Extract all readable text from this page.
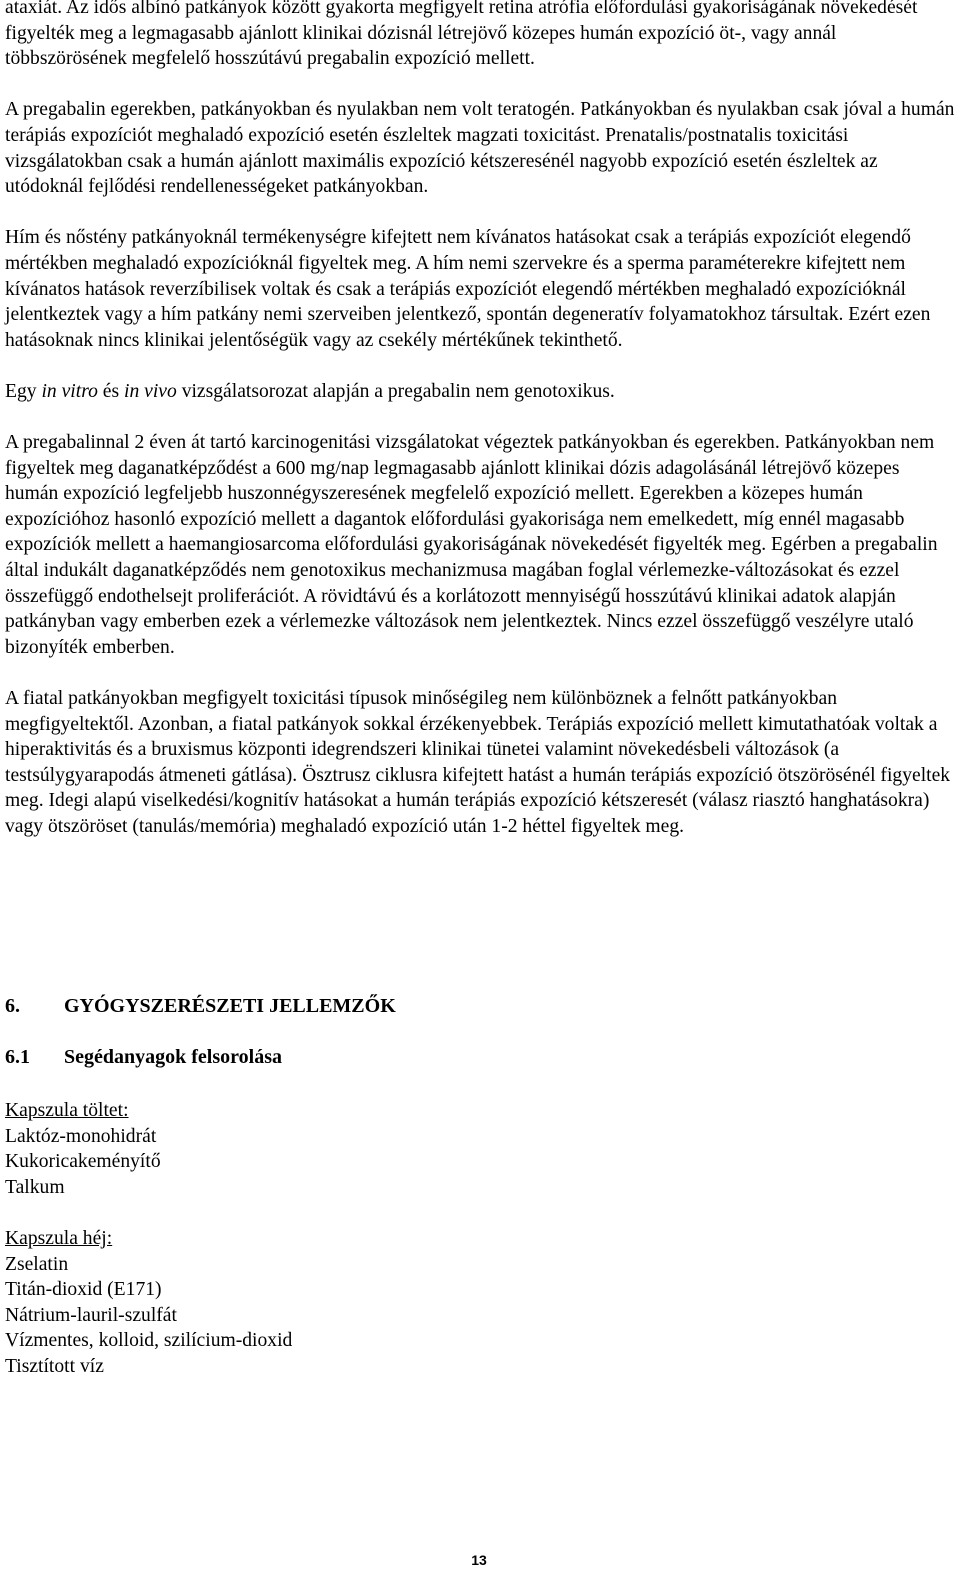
ataxiát. Az idős albínó patkányok között gyakorta megfigyelt retina atrófia előfordulási gyakoriságának növekedését figyelték meg a legmagasabb ajánlott klinikai dózisnál létrejövő közepes humán expozíció öt-, vagy annál többszörösének megfelelő hosszútávú pregabalin expozíció mellett.

A pregabalin egerekben, patkányokban és nyulakban nem volt teratogén. Patkányokban és nyulakban csak jóval a humán terápiás expozíciót meghaladó expozíció esetén észleltek magzati toxicitást. Prenatalis/postnatalis toxicitási vizsgálatokban csak a humán ajánlott maximális expozíció kétszeresénél nagyobb expozíció esetén észleltek az utódoknál fejlődési rendellenességeket patkányokban.

Hím és nőstény patkányoknál termékenységre kifejtett nem kívánatos hatásokat csak a terápiás expozíciót elegendő mértékben meghaladó expozícióknál figyeltek meg. A hím nemi szervekre és a sperma paraméterekre kifejtett nem kívánatos hatások reverzíbilisek voltak és csak a terápiás expozíciót elegendő mértékben meghaladó expozícióknál jelentkeztek vagy a hím patkány nemi szerveiben jelentkező, spontán degeneratív folyamatokhoz társultak. Ezért ezen hatásoknak nincs klinikai jelentőségük vagy az csekély mértékűnek tekinthető.

Egy in vitro és in vivo vizsgálatsorozat alapján a pregabalin nem genotoxikus.

A pregabalinnal 2 éven át tartó karcinogenitási vizsgálatokat végeztek patkányokban és egerekben. Patkányokban nem figyeltek meg daganatképződést a 600 mg/nap legmagasabb ajánlott klinikai dózis adagolásánál létrejövő közepes humán expozíció legfeljebb huszonnégyszeresének megfelelő expozíció mellett. Egerekben a közepes humán expozícióhoz hasonló expozíció mellett a dagantok előfordulási gyakorisága nem emelkedett, míg ennél magasabb expozíciók mellett a haemangiosarcoma előfordulási gyakoriságának növekedését figyelték meg. Egérben a pregabalin által indukált daganatképződés nem genotoxikus mechanizmusa magában foglal vérlemezke-változásokat és ezzel összefüggő endothelsejt proliferációt. A rövidtávú és a korlátozott mennyiségű hosszútávú klinikai adatok alapján patkányban vagy emberben ezek a vérlemezke változások nem jelentkeztek. Nincs ezzel összefüggő veszélyre utaló bizonyíték emberben.

A fiatal patkányokban megfigyelt toxicitási típusok minőségileg nem különböznek a felnőtt patkányokban megfigyeltektől. Azonban, a fiatal patkányok sokkal érzékenyebbek. Terápiás expozíció mellett kimutathatóak voltak a hiperaktivitás és a bruxismus központi idegrendszeri klinikai tünetei valamint növekedésbeli változások (a testsúlygyarapodás átmeneti gátlása). Ösztrusz ciklusra kifejtett hatást a humán terápiás expozíció ötszörösénél figyeltek meg. Idegi alapú viselkedési/kognitív hatásokat a humán terápiás expozíció kétszeresét (válasz riasztó hanghatásokra) vagy ötszöröset (tanulás/memória) meghaladó expozíció után 1-2 héttel figyeltek meg.

6.	GYÓGYSZERÉSZETI JELLEMZŐK
6.1	Segédanyagok felsorolása
Kapszula töltet:
Laktóz-monohidrát
Kukoricakeményítő
Talkum
Kapszula héj:
Zselatin
Titán-dioxid (E171)
Nátrium-lauril-szulfát
Vízmentes, kolloid, szilícium-dioxid
Tisztított víz
13
